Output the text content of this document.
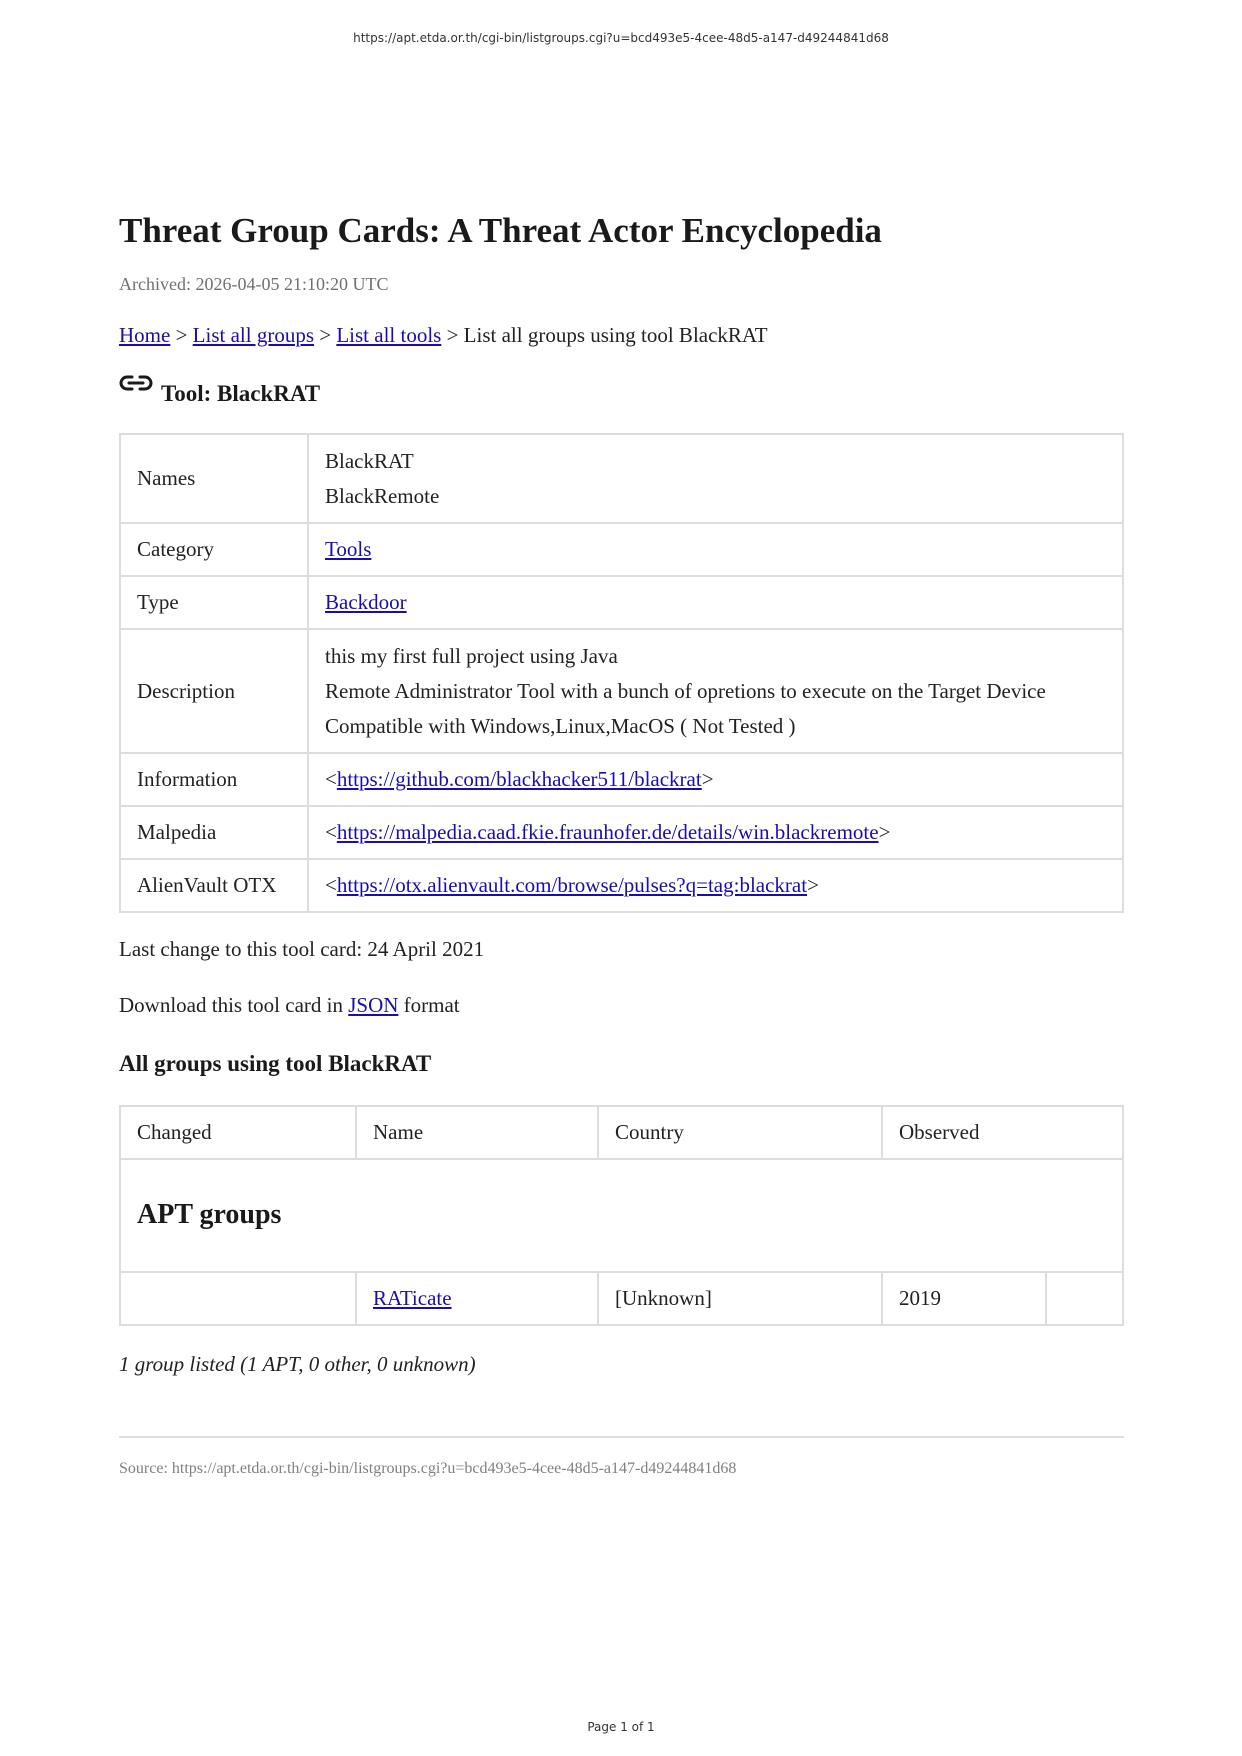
https://apt.etda.or.th/cgi-bin/listgroups.cgi?u=bcd493e5-4cee-48d5-a147-d49244841d68
Threat Group Cards: A Threat Actor Encyclopedia
Archived: 2026-04-05 21:10:20 UTC
Home > List all groups > List all tools > List all groups using tool BlackRAT
Tool: BlackRAT
Names	BlackRAT
BlackRemote

Category	Tools
Type	Backdoor
Description	this my first full project using Java
Remote Administrator Tool with a bunch of opretions to execute on the Target Device
Compatible with Windows,Linux,MacOS ( Not Tested )

Information	<https://github.com/blackhacker511/blackrat>
Malpedia	<https://malpedia.caad.fkie.fraunhofer.de/details/win.blackremote>
AlienVault OTX	<https://otx.alienvault.com/browse/pulses?q=tag:blackrat>
Last change to this tool card: 24 April 2021
Download this tool card in JSON format
All groups using tool BlackRAT
Changed	Name	Country	Observed	
APT groups				
	RATicate	[Unknown]	2019	
1 group listed (1 APT, 0 other, 0 unknown)
Source: https://apt.etda.or.th/cgi-bin/listgroups.cgi?u=bcd493e5-4cee-48d5-a147-d49244841d68
Page 1 of 1
